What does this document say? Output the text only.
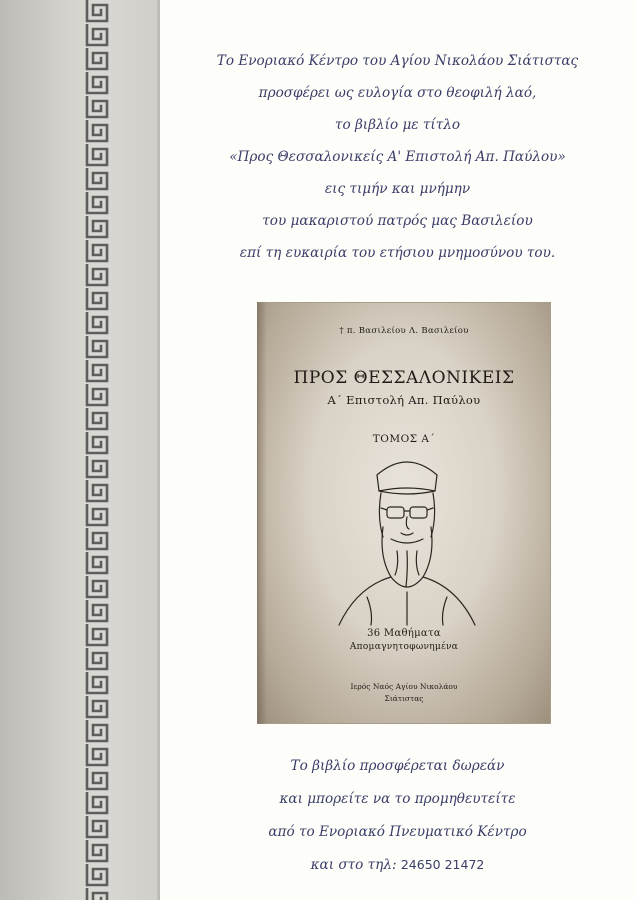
Το Ενοριακό Κέντρο του Αγίου Νικολάου Σιάτιστας
προσφέρει ως ευλογία στο θεοφιλή λαό,
το βιβλίο με τίτλο
«Προς Θεσσαλονικείς Α' Επιστολή Απ. Παύλου»
εις τιμήν και μνήμην
του μακαριστού πατρός μας Βασιλείου
επί τη ευκαιρία του ετήσιου μνημοσύνου του.
† π. Βασιλείου Λ. Βασιλείου
ΠΡΟΣ ΘΕΣΣΑΛΟΝΙΚΕΙΣ
Α΄ Επιστολή Απ. Παύλου
ΤΟΜΟΣ Α΄
36 Μαθήματα
Απομαγνητοφωνημένα
Ιερός Ναός Αγίου Νικολάου
Σιάτιστας
Το βιβλίο προσφέρεται δωρεάν
και μπορείτε να το προμηθευτείτε
από το Ενοριακό Πνευματικό Κέντρο
και στο τηλ: 24650 21472
